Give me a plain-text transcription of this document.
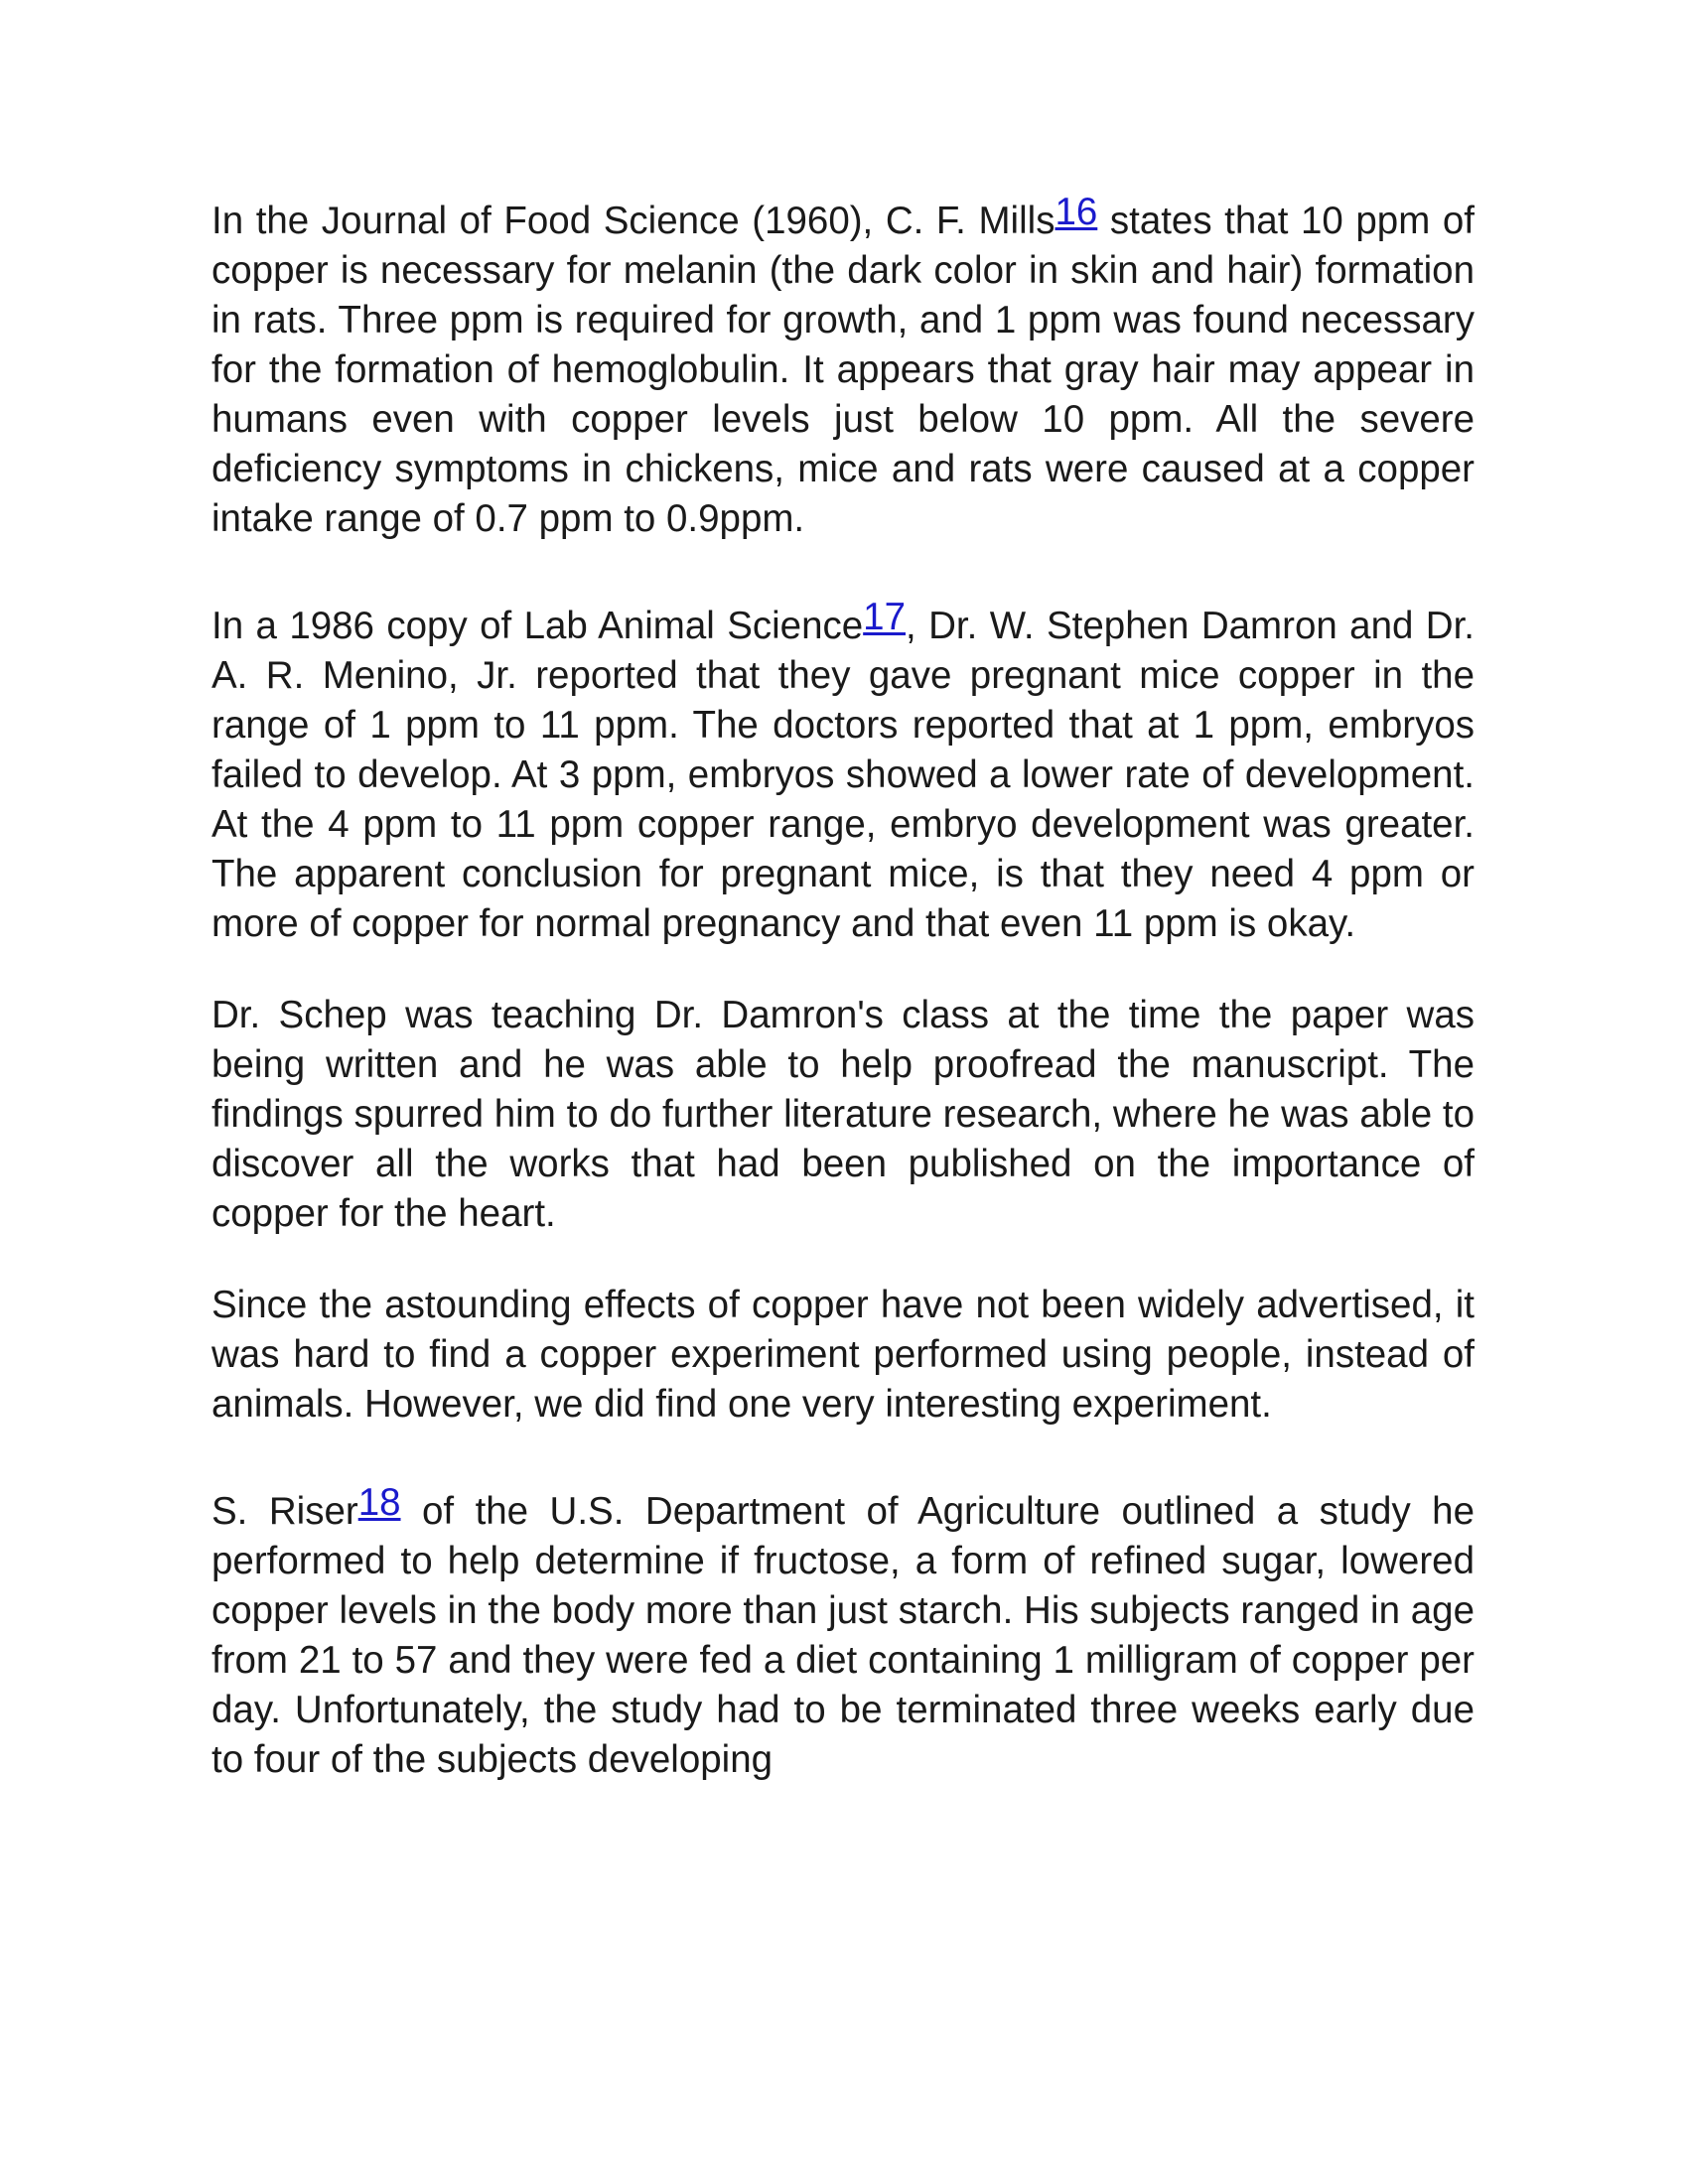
In the Journal of Food Science (1960), C. F. Mills16 states that 10 ppm of copper is necessary for melanin (the dark color in skin and hair) formation in rats. Three ppm is required for growth, and 1 ppm was found necessary for the formation of hemoglobulin. It appears that gray hair may appear in humans even with copper levels just below 10 ppm. All the severe deficiency symptoms in chickens, mice and rats were caused at a copper intake range of 0.7 ppm to 0.9ppm.

In a 1986 copy of Lab Animal Science17, Dr. W. Stephen Damron and Dr. A. R. Menino, Jr. reported that they gave pregnant mice copper in the range of 1 ppm to 11 ppm. The doctors reported that at 1 ppm, embryos failed to develop. At 3 ppm, embryos showed a lower rate of development. At the 4 ppm to 11 ppm copper range, embryo development was greater. The apparent conclusion for pregnant mice, is that they need 4 ppm or more of copper for normal pregnancy and that even 11 ppm is okay.

Dr. Schep was teaching Dr. Damron's class at the time the paper was being written and he was able to help proofread the manuscript. The findings spurred him to do further literature research, where he was able to discover all the works that had been published on the importance of copper for the heart.

Since the astounding effects of copper have not been widely advertised, it was hard to find a copper experiment performed using people, instead of animals. However, we did find one very interesting experiment.

S. Riser18 of the U.S. Department of Agriculture outlined a study he performed to help determine if fructose, a form of refined sugar, lowered copper levels in the body more than just starch. His subjects ranged in age from 21 to 57 and they were fed a diet containing 1 milligram of copper per day. Unfortunately, the study had to be terminated three weeks early due to four of the subjects developing
